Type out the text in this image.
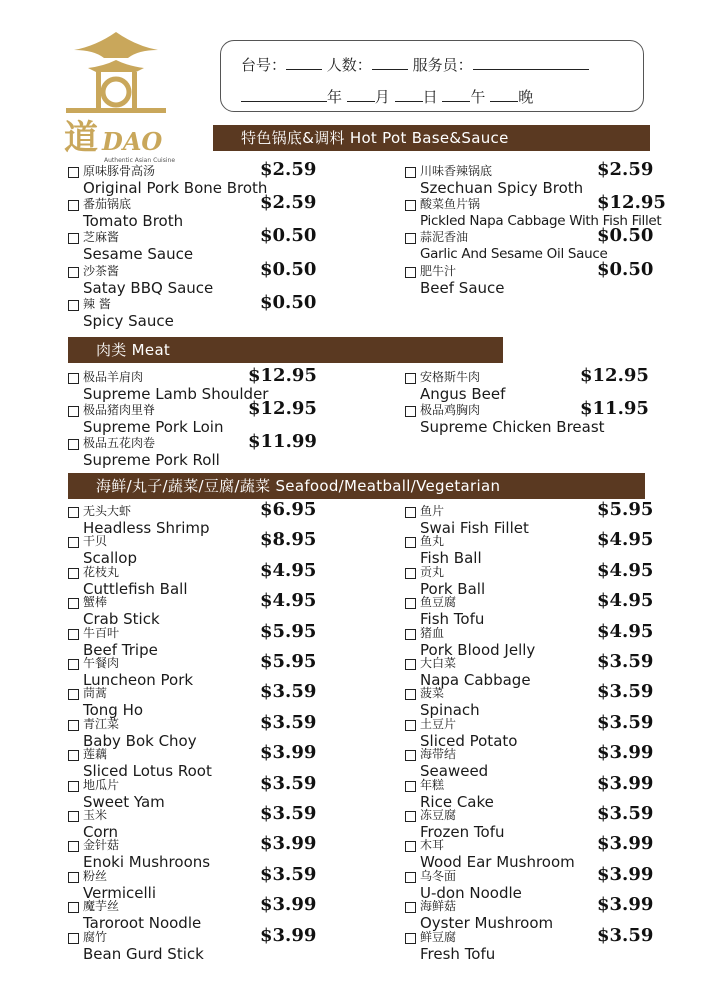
道 DAO
Authentic Asian Cuisine
台号：	人数：	服务员：
年 月 日 午 晚
特色锅底&调料 Hot Pot Base&Sauce
肉类 Meat
海鲜/丸子/蔬菜/豆腐/蔬菜 Seafood/Meatball/Vegetarian
原味豚骨高汤
Original Pork Bone Broth
$2.59
番茄锅底
Tomato Broth
$2.59
芝麻酱
Sesame Sauce
$0.50
沙茶酱
Satay BBQ Sauce
$0.50
辣 酱
Spicy Sauce
$0.50
川味香辣锅底
Szechuan Spicy Broth
$2.59
酸菜鱼片锅
Pickled Napa Cabbage With Fish Fillet
$12.95
蒜泥香油
Garlic And Sesame Oil Sauce
$0.50
肥牛汁
Beef Sauce
$0.50
极品羊肩肉
Supreme Lamb Shoulder
$12.95
极品猪肉里脊
Supreme Pork Loin
$12.95
极品五花肉卷
Supreme Pork Roll
$11.99
安格斯牛肉
Angus Beef
$12.95
极品鸡胸肉
Supreme Chicken Breast
$11.95
无头大虾
Headless Shrimp
$6.95
干贝
Scallop
$8.95
花枝丸
Cuttlefish Ball
$4.95
蟹棒
Crab Stick
$4.95
牛百叶
Beef Tripe
$5.95
午餐肉
Luncheon Pork
$5.95
茼蒿
Tong Ho
$3.59
青江菜
Baby Bok Choy
$3.59
莲藕
Sliced Lotus Root
$3.99
地瓜片
Sweet Yam
$3.59
玉米
Corn
$3.59
金针菇
Enoki Mushroons
$3.99
粉丝
Vermicelli
$3.59
魔芋丝
Taroroot Noodle
$3.99
腐竹
Bean Gurd Stick
$3.99
鱼片
Swai Fish Fillet
$5.95
鱼丸
Fish Ball
$4.95
贡丸
Pork Ball
$4.95
鱼豆腐
Fish Tofu
$4.95
猪血
Pork Blood Jelly
$4.95
大白菜
Napa Cabbage
$3.59
菠菜
Spinach
$3.59
土豆片
Sliced Potato
$3.59
海带结
Seaweed
$3.99
年糕
Rice Cake
$3.99
冻豆腐
Frozen Tofu
$3.59
木耳
Wood Ear Mushroom
$3.99
乌冬面
U-don Noodle
$3.99
海鲜菇
Oyster Mushroom
$3.99
鲜豆腐
Fresh Tofu
$3.59
